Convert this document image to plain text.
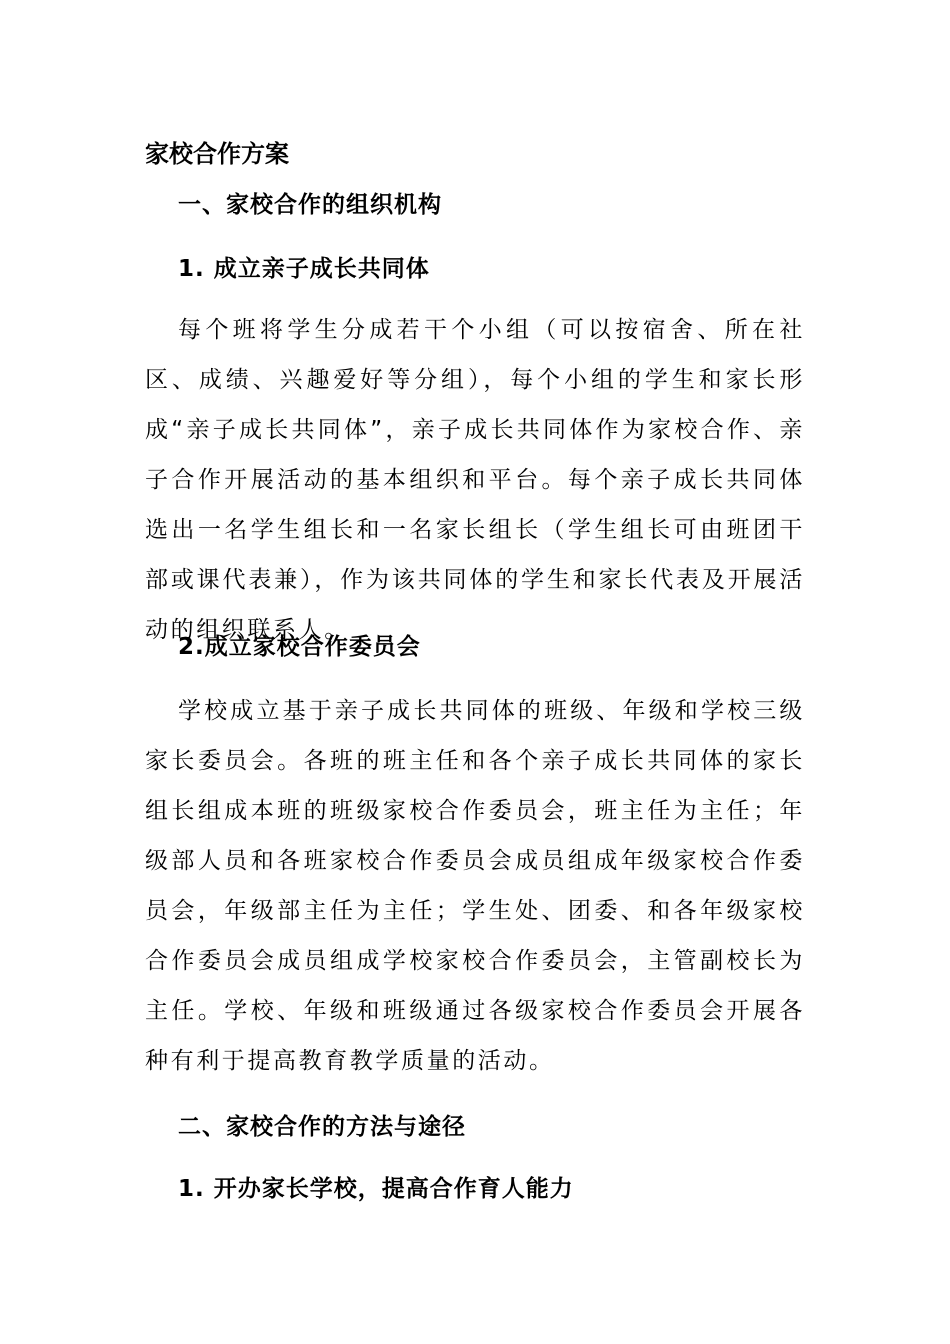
家校合作方案
一、家校合作的组织机构
1. 成立亲子成长共同体

每个班将学生分成若干个小组（可以按宿舍、所在社区、成绩、兴趣爱好等分组），每个小组的学生和家长形成“亲子成长共同体”，亲子成长共同体作为家校合作、亲子合作开展活动的基本组织和平台。每个亲子成长共同体选出一名学生组长和一名家长组长（学生组长可由班团干部或课代表兼），作为该共同体的学生和家长代表及开展活动的组织联系人。

2.成立家校合作委员会

学校成立基于亲子成长共同体的班级、年级和学校三级家长委员会。各班的班主任和各个亲子成长共同体的家长组长组成本班的班级家校合作委员会，班主任为主任；年级部人员和各班家校合作委员会成员组成年级家校合作委员会，年级部主任为主任；学生处、团委、和各年级家校合作委员会成员组成学校家校合作委员会，主管副校长为主任。学校、年级和班级通过各级家校合作委员会开展各种有利于提高教育教学质量的活动。

二、家校合作的方法与途径
1. 开办家长学校，提高合作育人能力
